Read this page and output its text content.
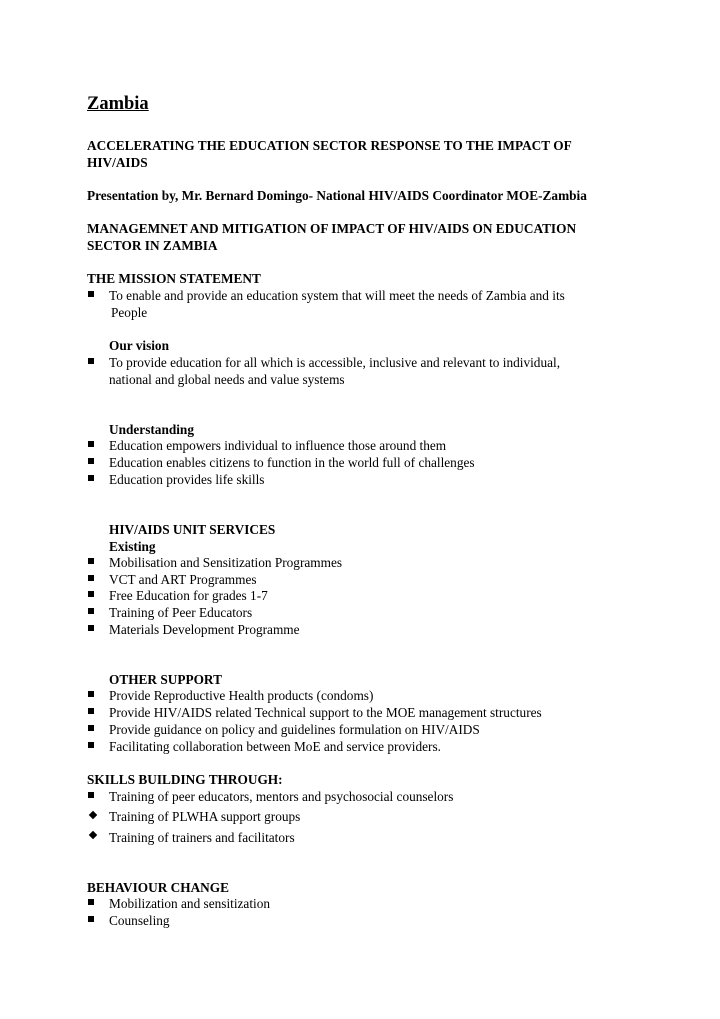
Zambia
ACCELERATING THE EDUCATION SECTOR RESPONSE TO THE IMPACT OF
HIV/AIDS
Presentation by, Mr. Bernard Domingo- National HIV/AIDS Coordinator MOE-Zambia
MANAGEMNET AND MITIGATION OF IMPACT OF HIV/AIDS ON EDUCATION
SECTOR IN ZAMBIA
THE MISSION STATEMENT
To enable and provide an education system that will meet the needs of Zambia and its
People
Our vision
To provide education for all which is accessible, inclusive and relevant to individual,
national and global needs and value systems
Understanding
Education empowers individual to influence those around them
Education enables citizens to function in the world full of challenges
Education provides life skills
HIV/AIDS UNIT SERVICES
Existing
Mobilisation and Sensitization Programmes
VCT and ART Programmes
Free Education for grades 1-7
Training of Peer Educators
Materials Development Programme
OTHER SUPPORT
Provide Reproductive Health products (condoms)
Provide HIV/AIDS related Technical support to the MOE management structures
Provide guidance on policy and guidelines formulation on HIV/AIDS
Facilitating collaboration between MoE and service providers.
SKILLS BUILDING THROUGH:
Training of peer educators, mentors and psychosocial counselors
Training of PLWHA support groups
Training of trainers and facilitators
BEHAVIOUR CHANGE
Mobilization and sensitization
Counseling
